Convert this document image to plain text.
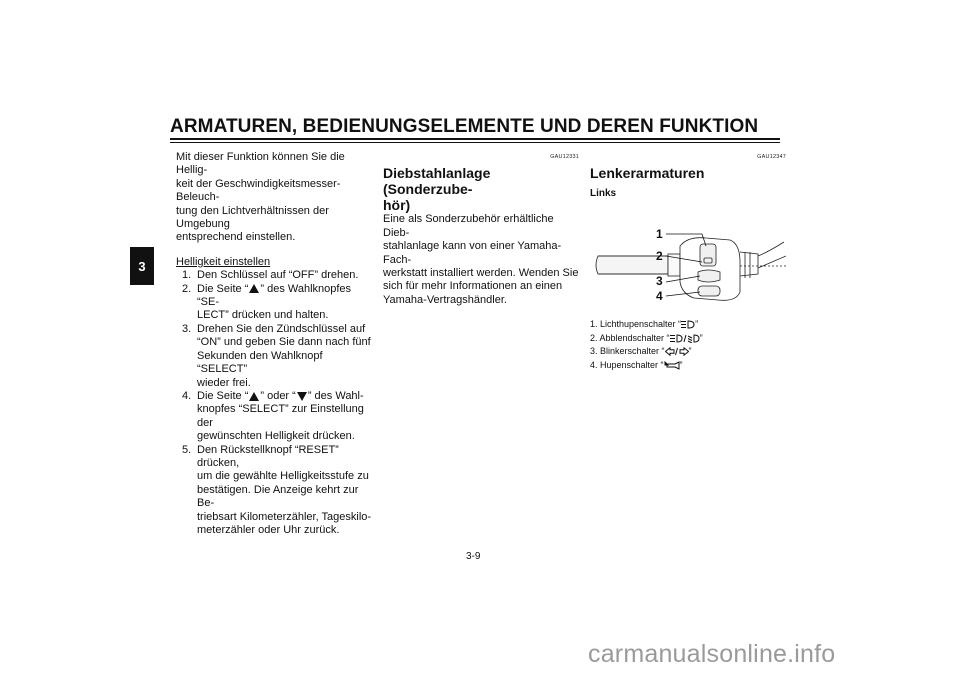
ARMATUREN, BEDIENUNGSELEMENTE UND DEREN FUNKTION
3

Mit dieser Funktion können Sie die Hellig-

keit der Geschwindigkeitsmesser-Beleuch-

tung den Lichtverhältnissen der Umgebung

entsprechend einstellen.

Helligkeit einstellen

1. Den Schlüssel auf “OFF” drehen.
2. Die Seite “ ” des Wahlknopfes “SE-
LECT” drücken und halten.
3. Drehen Sie den Zündschlüssel auf
“ON” und geben Sie dann nach fünf
Sekunden den Wahlknopf “SELECT”
wieder frei.
4. Die Seite “ ” oder “ ” des Wahl-
knopfes “SELECT” zur Einstellung der
gewünschten Helligkeit drücken.
5. Den Rückstellknopf “RESET” drücken,
um die gewählte Helligkeitsstufe zu
bestätigen. Die Anzeige kehrt zur Be-
triebsart Kilometerzähler, Tageskilo-
meterzähler oder Uhr zurück.
GAU12331
Diebstahlanlage (Sonderzube-
hör)

Eine als Sonderzubehör erhältliche Dieb-

stahlanlage kann von einer Yamaha-Fach-

werkstatt installiert werden. Wenden Sie

sich für mehr Informationen an einen

Yamaha-Vertragshändler.

GAU12347
Lenkerarmaturen
Links
1
2
3
4
1. Lichthupenschalter “ ”
2. Abblendschalter “	”
3. Blinkerschalter “	”
4. Hupenschalter “ ”
3-9
carmanualsonline.info
